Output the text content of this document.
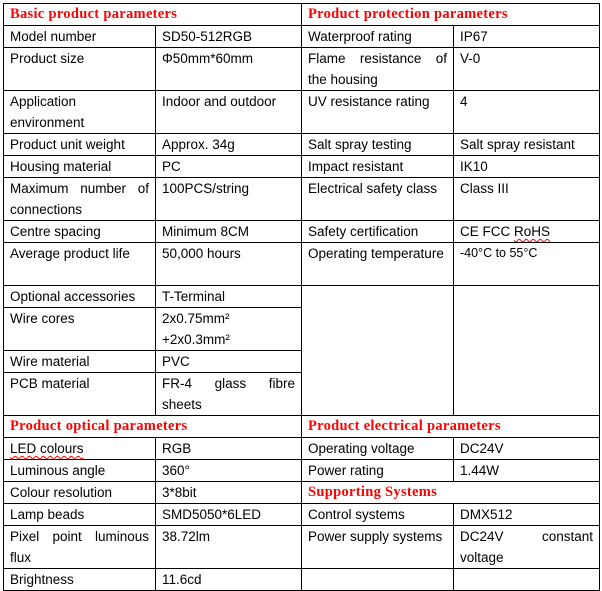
Basic product parameters		Product protection parameters	
Model number	SD50-512RGB	Waterproof rating	IP67
Product size	Φ50mm*60mm	Flame resistance of the housing	V-0
Application environment	Indoor and outdoor	UV resistance rating	4
Product unit weight	Approx. 34g	Salt spray testing	Salt spray resistant
Housing material	PC	Impact resistant	IK10
Maximum number of connections	100PCS/string	Electrical safety class	Class III
Centre spacing	Minimum 8CM	Safety certification	CE FCC RoHS
Average product life	50,000 hours	Operating temperature	-40°C to 55°C
Optional accessories	T-Terminal		
Wire cores	2x0.75mm²
+2x0.3mm²		

Wire material	PVC		
PCB material	FR-4 glass fibre sheets		
Product optical parameters		Product electrical parameters	
LED colours	RGB	Operating voltage	DC24V
Luminous angle	360°	Power rating	1.44W
Colour resolution	3*8bit	Supporting Systems	
Lamp beads	SMD5050*6LED	Control systems	DMX512
Pixel point luminous flux	38.72lm	Power supply systems	DC24V constant voltage
Brightness	11.6cd		
